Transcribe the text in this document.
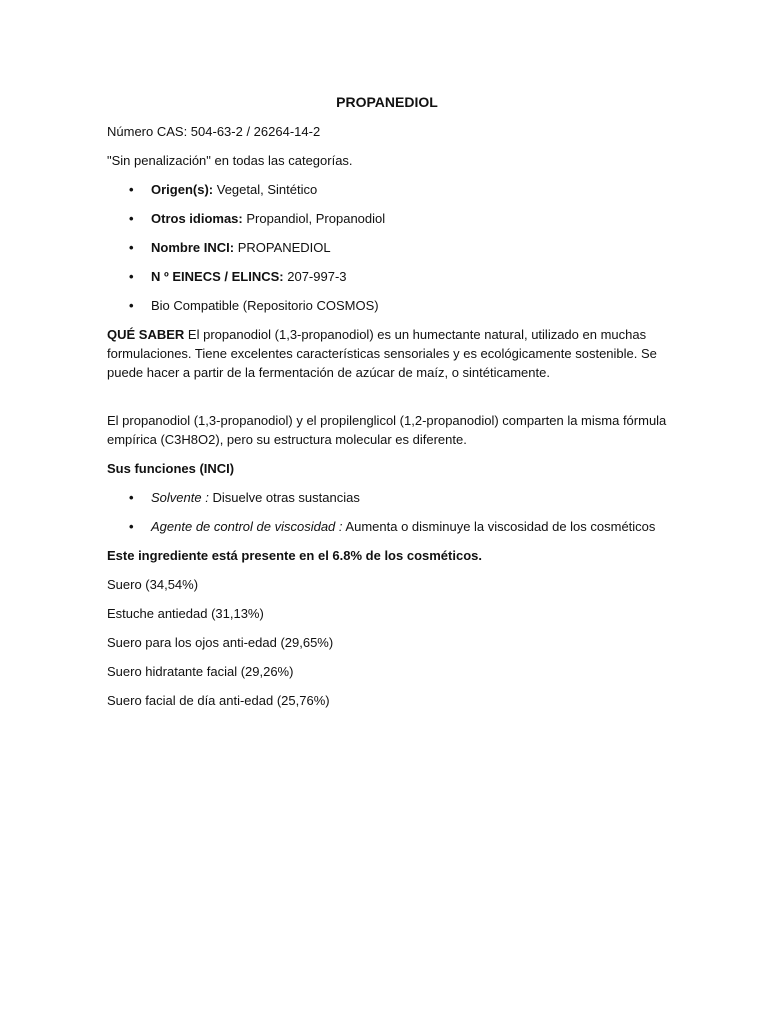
PROPANEDIOL

Número CAS: 504-63-2 / 26264-14-2

"Sin penalización" en todas las categorías.

• Origen(s): Vegetal, Sintético
• Otros idiomas: Propandiol, Propanodiol
• Nombre INCI: PROPANEDIOL
• N º EINECS / ELINCS: 207-997-3
• Bio Compatible (Repositorio COSMOS)

QUÉ SABER El propanodiol (1,3-propanodiol) es un humectante natural, utilizado en muchas formulaciones. Tiene excelentes características sensoriales y es ecológicamente sostenible. Se puede hacer a partir de la fermentación de azúcar de maíz, o sintéticamente.

El propanodiol (1,3-propanodiol) y el propilenglicol (1,2-propanodiol) comparten la misma fórmula empírica (C3H8O2), pero su estructura molecular es diferente.

Sus funciones (INCI)

• Solvente : Disuelve otras sustancias
• Agente de control de viscosidad : Aumenta o disminuye la viscosidad de los cosméticos

Este ingrediente está presente en el 6.8% de los cosméticos.

Suero (34,54%)

Estuche antiedad (31,13%)

Suero para los ojos anti-edad (29,65%)

Suero hidratante facial (29,26%)

Suero facial de día anti-edad (25,76%)
